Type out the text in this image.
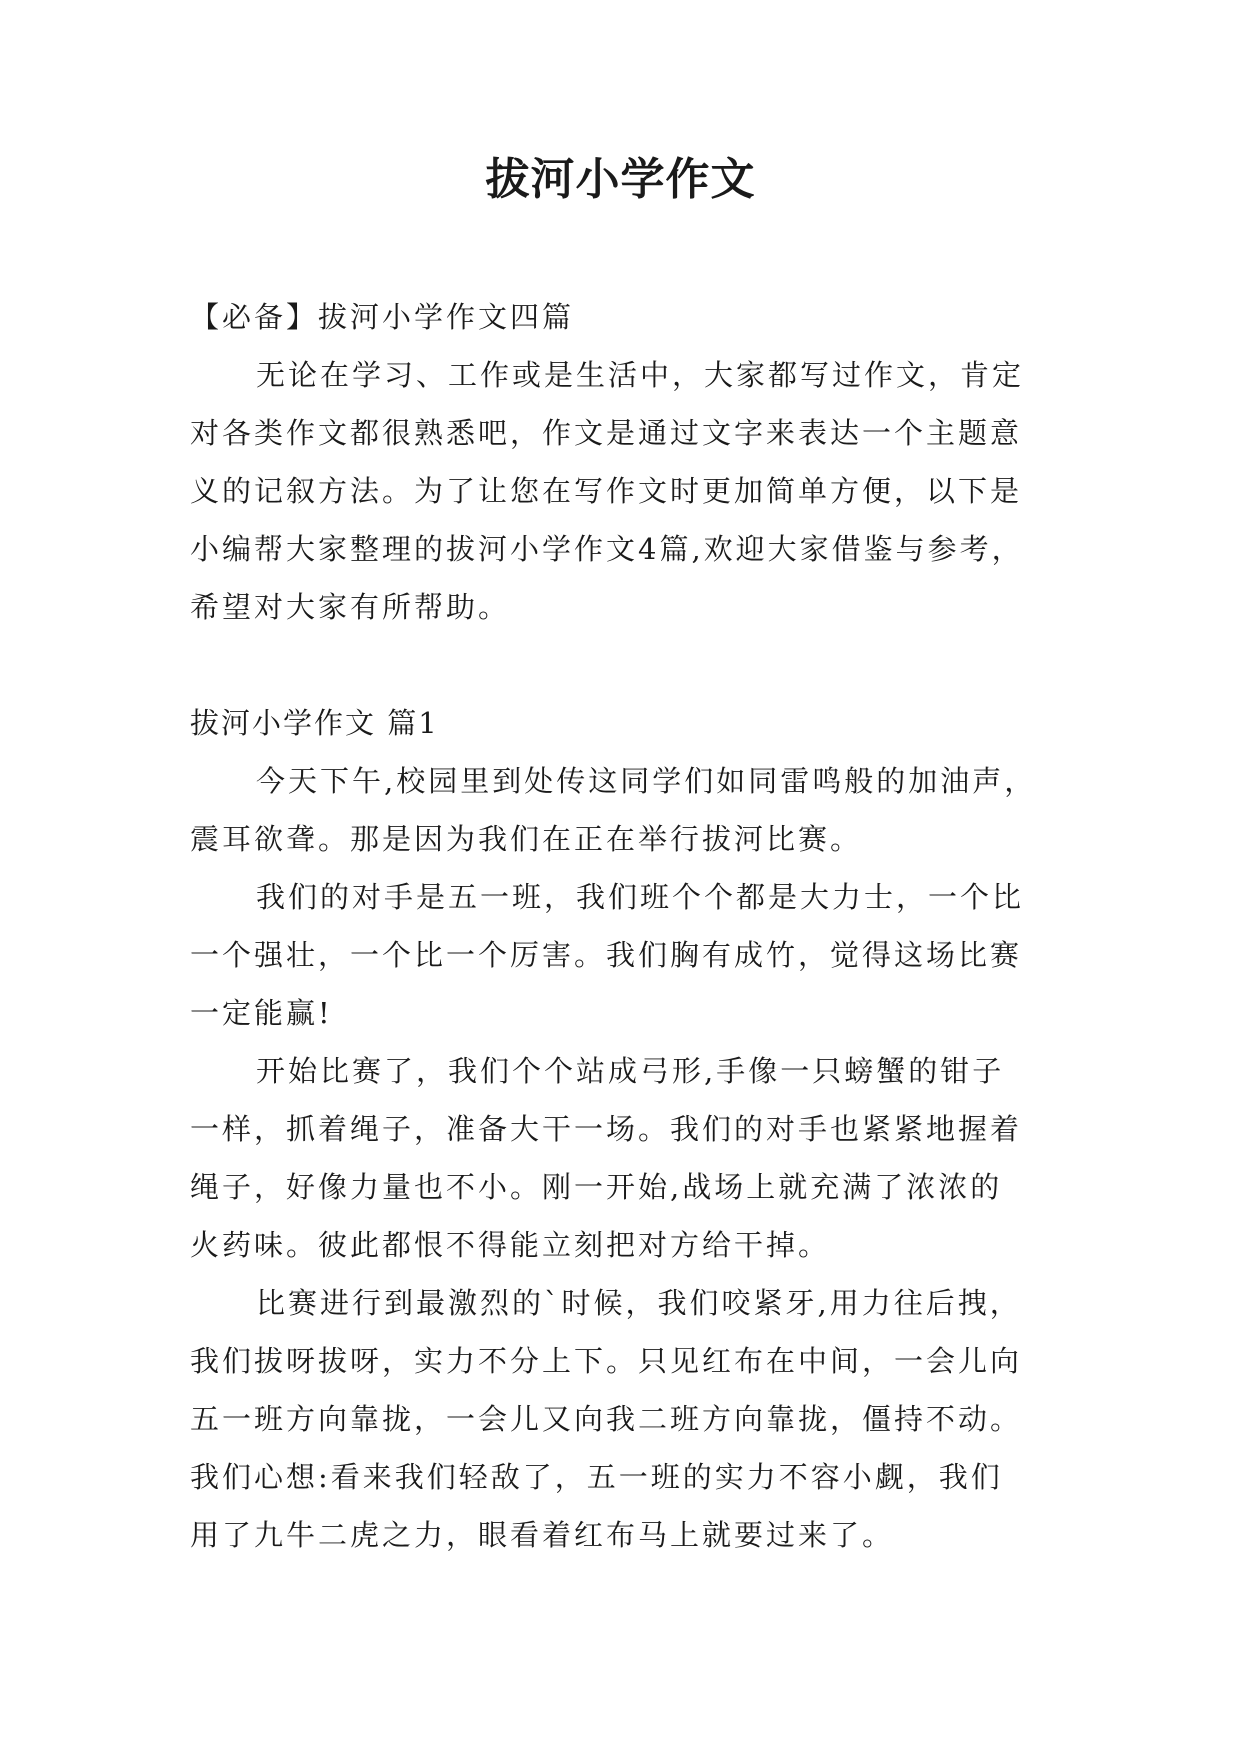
拔河小学作文

【必备】拔河小学作文四篇

无论在学习、工作或是生活中，大家都写过作文，肯定

对各类作文都很熟悉吧，作文是通过文字来表达一个主题意

义的记叙方法。为了让您在写作文时更加简单方便，以下是

小编帮大家整理的拔河小学作文4篇,欢迎大家借鉴与参考，

希望对大家有所帮助。

拔河小学作文 篇1

今天下午,校园里到处传这同学们如同雷鸣般的加油声，

震耳欲聋。那是因为我们在正在举行拔河比赛。

我们的对手是五一班，我们班个个都是大力士，一个比

一个强壮，一个比一个厉害。我们胸有成竹，觉得这场比赛

一定能赢!

开始比赛了，我们个个站成弓形,手像一只螃蟹的钳子

一样，抓着绳子，准备大干一场。我们的对手也紧紧地握着

绳子，好像力量也不小。刚一开始,战场上就充满了浓浓的

火药味。彼此都恨不得能立刻把对方给干掉。

比赛进行到最激烈的`时候，我们咬紧牙,用力往后拽，

我们拔呀拔呀，实力不分上下。只见红布在中间，一会儿向

五一班方向靠拢，一会儿又向我二班方向靠拢，僵持不动。

我们心想:看来我们轻敌了，五一班的实力不容小觑，我们

用了九牛二虎之力，眼看着红布马上就要过来了。
